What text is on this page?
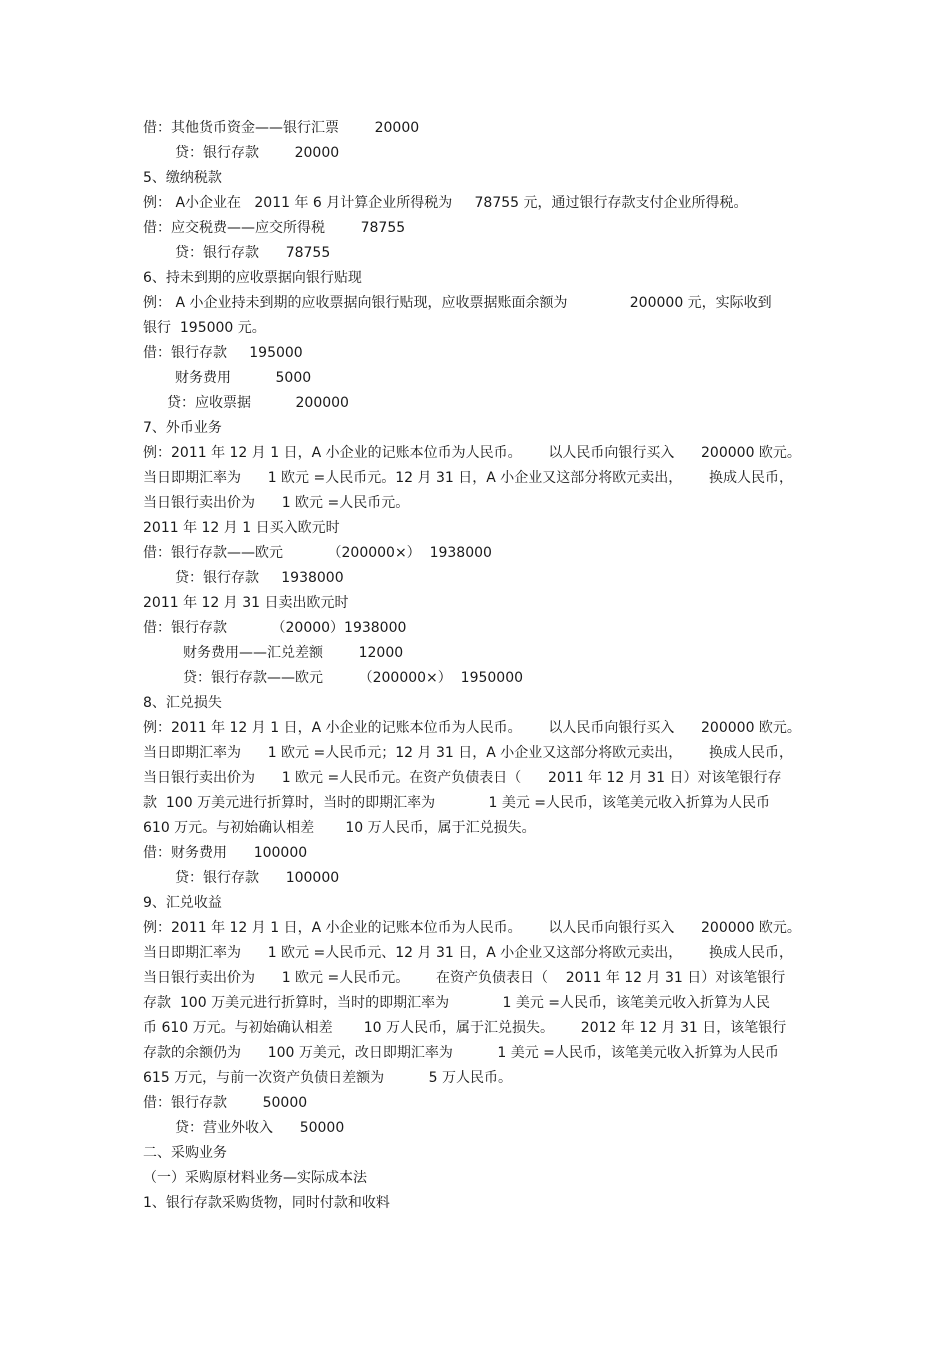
借：其他货币资金——银行汇票        20000
贷：银行存款        20000
5、缴纳税款
例： A小企业在   2011 年 6 月计算企业所得税为     78755 元，通过银行存款支付企业所得税。
借：应交税费——应交所得税        78755
贷：银行存款      78755
6、持未到期的应收票据向银行贴现
例： A 小企业持未到期的应收票据向银行贴现，应收票据账面余额为              200000 元，实际收到
银行  195000 元。
借：银行存款     195000
财务费用          5000
贷：应收票据          200000
7、外币业务
例：2011 年 12 月 1 日，A 小企业的记账本位币为人民币。      以人民币向银行买入      200000 欧元。
当日即期汇率为      1 欧元 =人民币元。12 月 31 日，A 小企业又这部分将欧元卖出，      换成人民币，
当日银行卖出价为      1 欧元 =人民币元。
2011 年 12 月 1 日买入欧元时
借：银行存款——欧元          （200000×）  1938000
贷：银行存款     1938000
2011 年 12 月 31 日卖出欧元时
借：银行存款          （20000）1938000
财务费用——汇兑差额        12000
贷：银行存款——欧元        （200000×）  1950000
8、汇兑损失
例：2011 年 12 月 1 日，A 小企业的记账本位币为人民币。      以人民币向银行买入      200000 欧元。
当日即期汇率为      1 欧元 =人民币元；12 月 31 日，A 小企业又这部分将欧元卖出，      换成人民币，
当日银行卖出价为      1 欧元 =人民币元。在资产负债表日（      2011 年 12 月 31 日）对该笔银行存
款  100 万美元进行折算时，当时的即期汇率为            1 美元 =人民币，该笔美元收入折算为人民币
610 万元。与初始确认相差       10 万人民币，属于汇兑损失。
借：财务费用      100000
贷：银行存款      100000
9、汇兑收益
例：2011 年 12 月 1 日，A 小企业的记账本位币为人民币。      以人民币向银行买入      200000 欧元。
当日即期汇率为      1 欧元 =人民币元、12 月 31 日，A 小企业又这部分将欧元卖出，      换成人民币，
当日银行卖出价为      1 欧元 =人民币元。      在资产负债表日（    2011 年 12 月 31 日）对该笔银行
存款  100 万美元进行折算时，当时的即期汇率为            1 美元 =人民币，该笔美元收入折算为人民
币 610 万元。与初始确认相差       10 万人民币，属于汇兑损失。      2012 年 12 月 31 日，该笔银行
存款的余额仍为      100 万美元，改日即期汇率为          1 美元 =人民币，该笔美元收入折算为人民币
615 万元，与前一次资产负债日差额为          5 万人民币。
借：银行存款        50000
贷：营业外收入      50000
二、采购业务
（一）采购原材料业务—实际成本法
1、银行存款采购货物，同时付款和收料
